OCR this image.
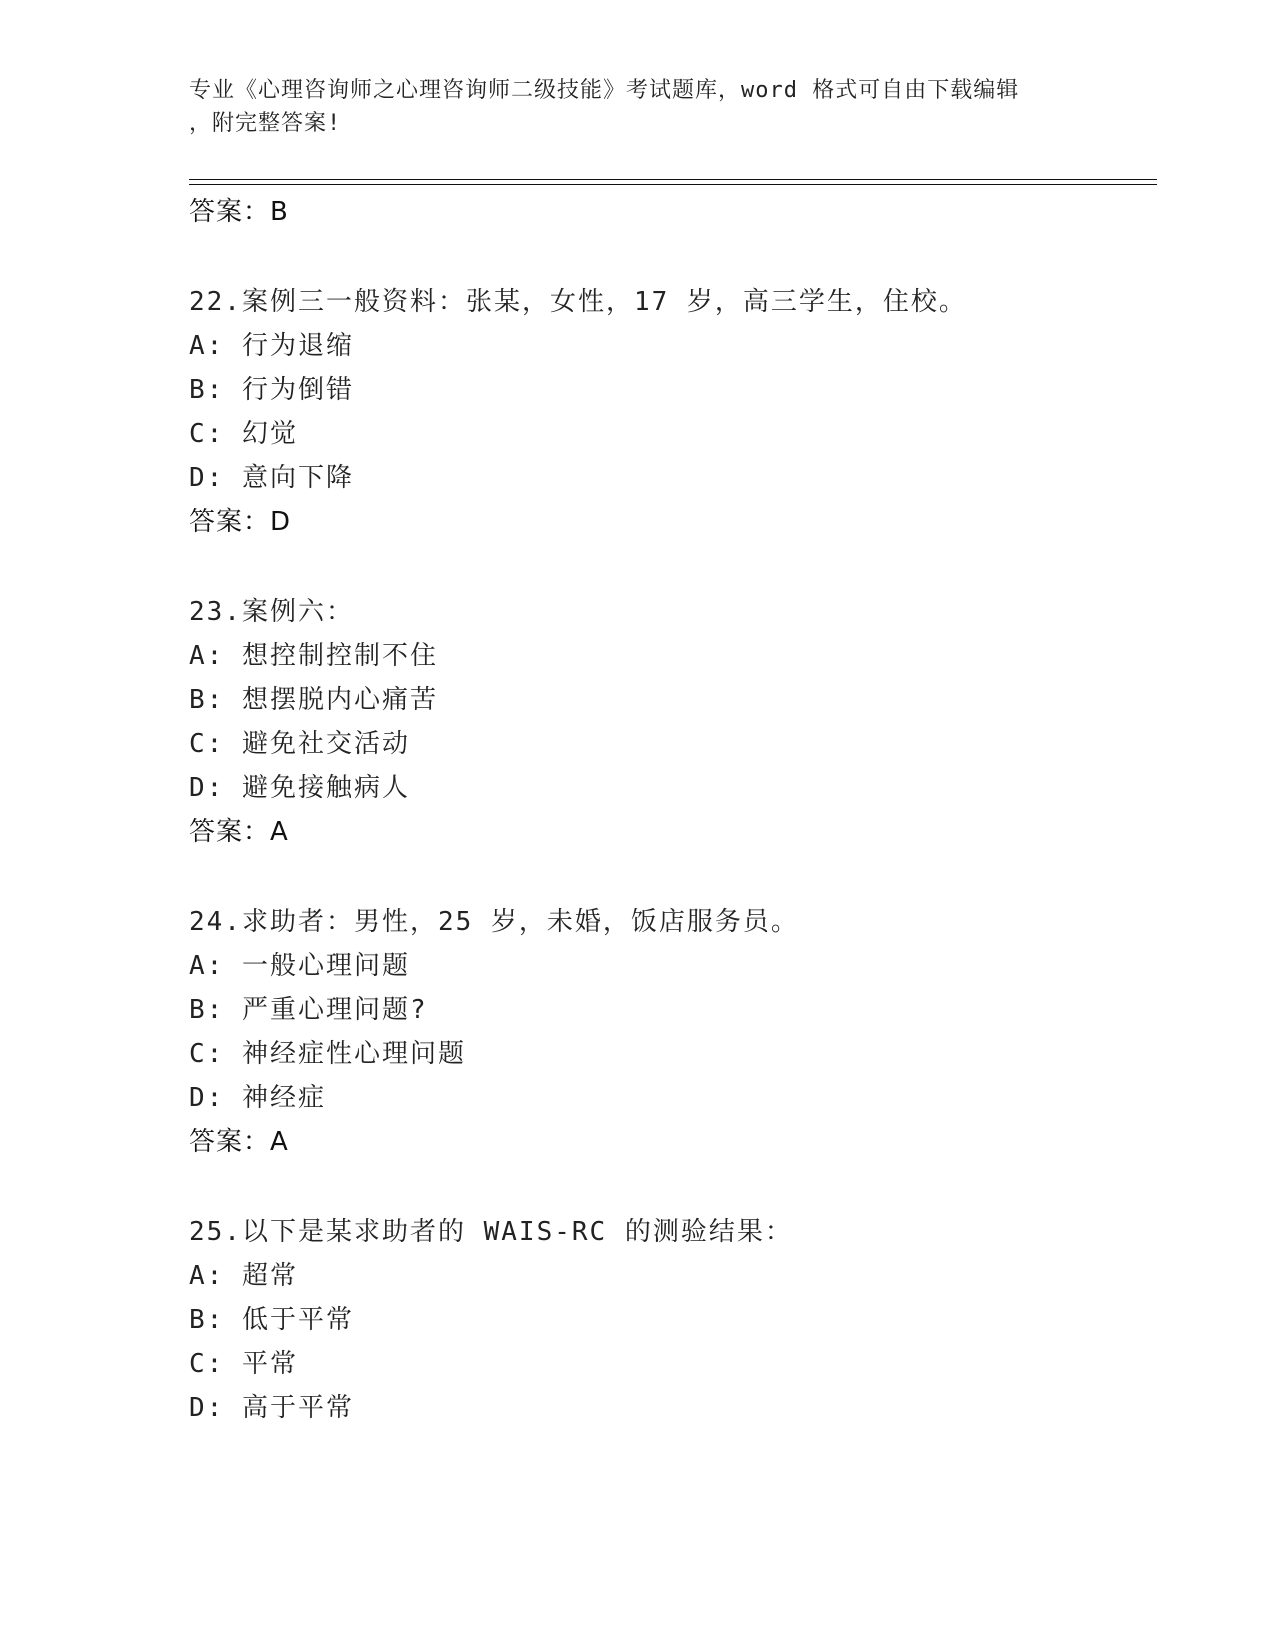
专业《心理咨询师之心理咨询师二级技能》考试题库，word 格式可自由下载编辑
，附完整答案!
答案：B
22.案例三一般资料：张某，女性，17 岁，高三学生，住校。
A: 行为退缩
B: 行为倒错
C: 幻觉
D: 意向下降
答案：D
23.案例六：
A: 想控制控制不住
B: 想摆脱内心痛苦
C: 避免社交活动
D: 避免接触病人
答案：A
24.求助者：男性，25 岁，未婚，饭店服务员。
A: 一般心理问题
B: 严重心理问题?
C: 神经症性心理问题
D: 神经症
答案：A
25.以下是某求助者的 WAIS-RC 的测验结果：
A: 超常
B: 低于平常
C: 平常
D: 高于平常
